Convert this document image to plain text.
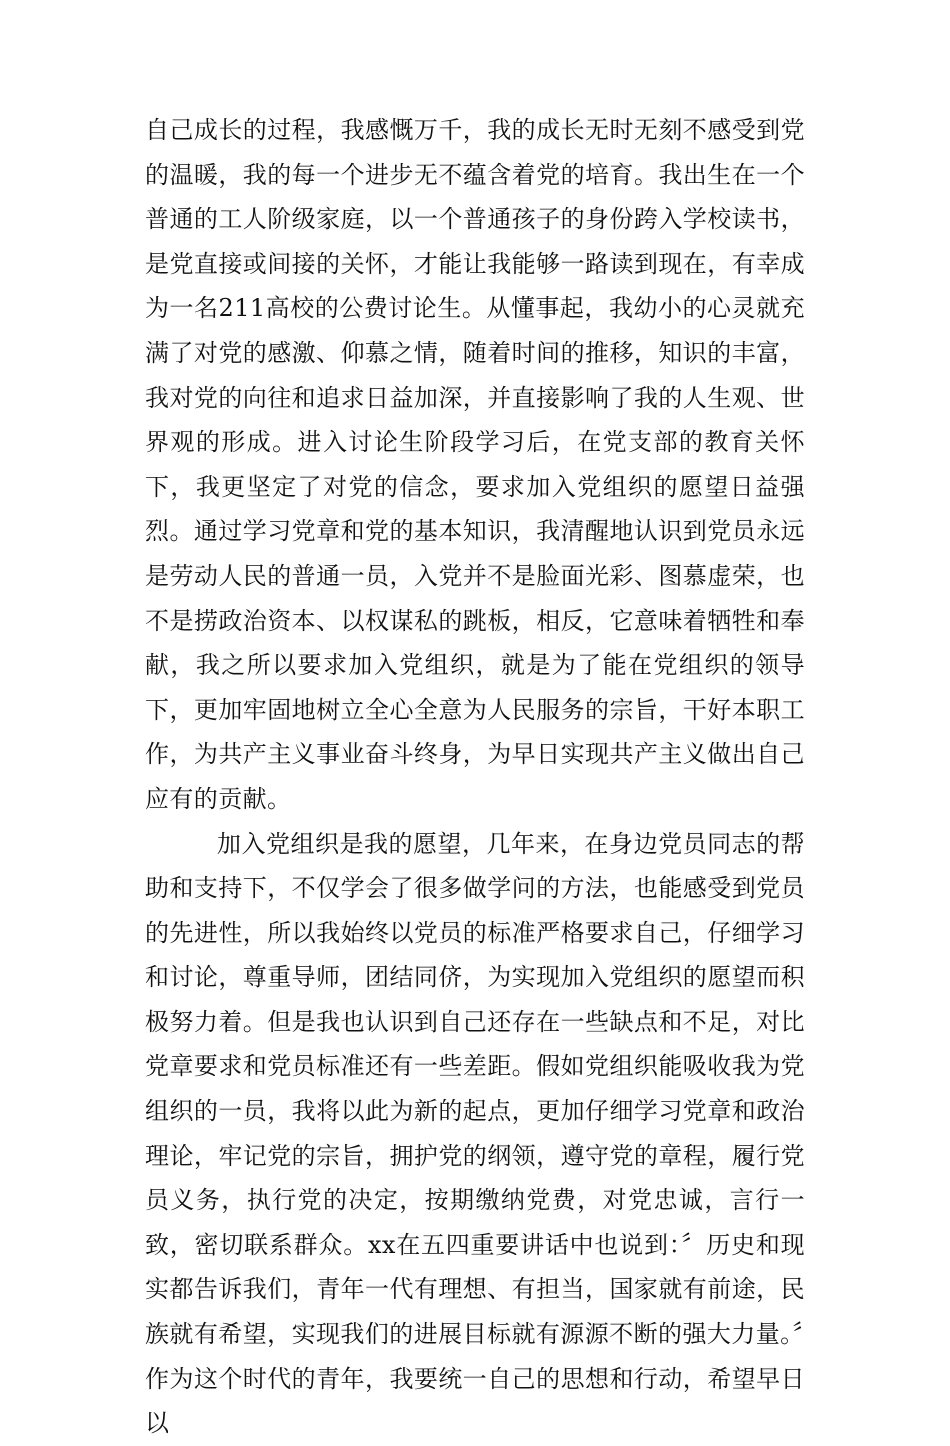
自己成长的过程，我感慨万千，我的成长无时无刻不感受到党的温暖，我的每一个进步无不蕴含着党的培育。我出生在一个普通的工人阶级家庭，以一个普通孩子的身份跨入学校读书，是党直接或间接的关怀，才能让我能够一路读到现在，有幸成为一名211高校的公费讨论生。从懂事起，我幼小的心灵就充满了对党的感激、仰慕之情，随着时间的推移，知识的丰富，我对党的向往和追求日益加深，并直接影响了我的人生观、世界观的形成。进入讨论生阶段学习后，在党支部的教育关怀下，我更坚定了对党的信念，要求加入党组织的愿望日益强烈。通过学习党章和党的基本知识，我清醒地认识到党员永远是劳动人民的普通一员，入党并不是脸面光彩、图慕虚荣，也不是捞政治资本、以权谋私的跳板，相反，它意味着牺牲和奉献，我之所以要求加入党组织，就是为了能在党组织的领导下，更加牢固地树立全心全意为人民服务的宗旨，干好本职工作，为共产主义事业奋斗终身，为早日实现共产主义做出自己应有的贡献。

加入党组织是我的愿望，几年来，在身边党员同志的帮助和支持下，不仅学会了很多做学问的方法，也能感受到党员的先进性，所以我始终以党员的标准严格要求自己，仔细学习和讨论，尊重导师，团结同侪，为实现加入党组织的愿望而积极努力着。但是我也认识到自己还存在一些缺点和不足，对比党章要求和党员标准还有一些差距。假如党组织能吸收我为党组织的一员，我将以此为新的起点，更加仔细学习党章和政治理论，牢记党的宗旨，拥护党的纲领，遵守党的章程，履行党员义务，执行党的决定，按期缴纳党费，对党忠诚，言行一致，密切联系群众。xx在五四重要讲话中也说到：〞历史和现实都告诉我们，青年一代有理想、有担当，国家就有前途，民族就有希望，实现我们的进展目标就有源源不断的强大力量。〞作为这个时代的青年，我要统一自己的思想和行动，希望早日以
